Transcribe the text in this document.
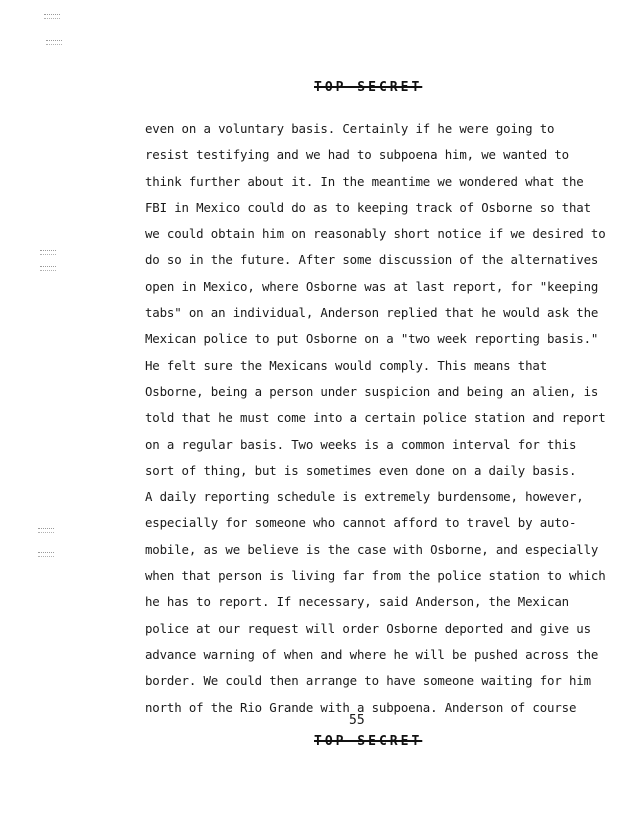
TOP SECRET
even on a voluntary basis. Certainly if he were going to
resist testifying and we had to subpoena him, we wanted to
think further about it. In the meantime we wondered what the
FBI in Mexico could do as to keeping track of Osborne so that
we could obtain him on reasonably short notice if we desired to
do so in the future. After some discussion of the alternatives
open in Mexico, where Osborne was at last report, for "keeping
tabs" on an individual, Anderson replied that he would ask the
Mexican police to put Osborne on a "two week reporting basis."
He felt sure the Mexicans would comply. This means that
Osborne, being a person under suspicion and being an alien, is
told that he must come into a certain police station and report
on a regular basis. Two weeks is a common interval for this
sort of thing, but is sometimes even done on a daily basis.
A daily reporting schedule is extremely burdensome, however,
especially for someone who cannot afford to travel by auto-
mobile, as we believe is the case with Osborne, and especially
when that person is living far from the police station to which
he has to report. If necessary, said Anderson, the Mexican
police at our request will order Osborne deported and give us
advance warning of when and where he will be pushed across the
border. We could then arrange to have someone waiting for him
north of the Rio Grande with a subpoena. Anderson of course
55
TOP SECRET
